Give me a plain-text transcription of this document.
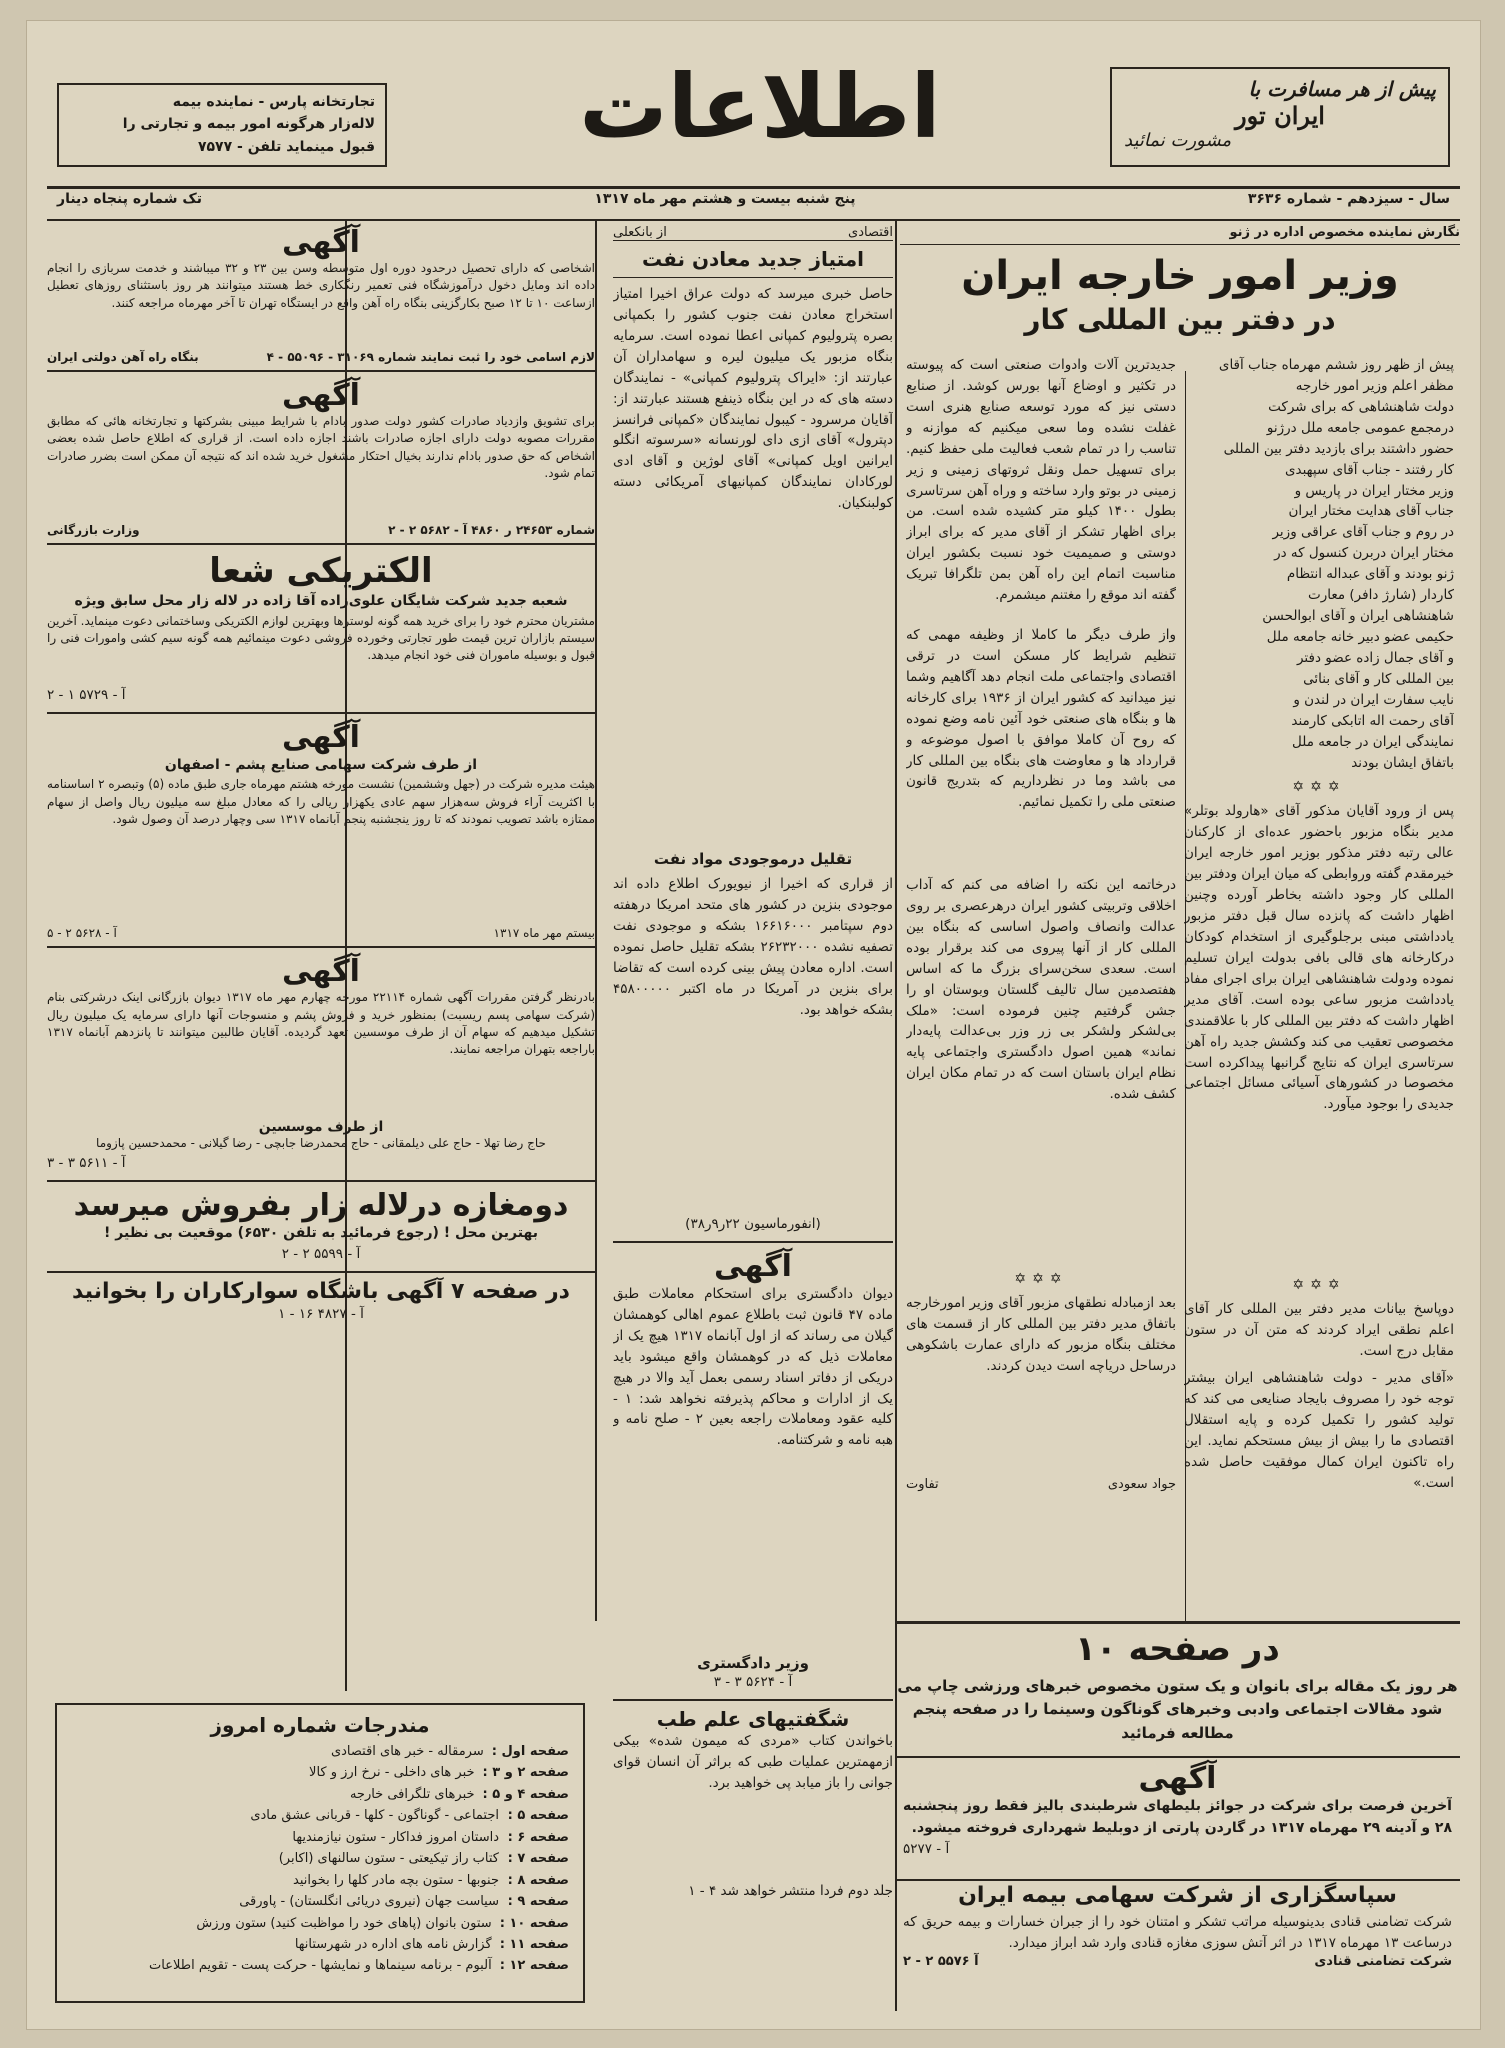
پیش از هر مسافرت با
ایران تور
مشورت نمائید
اطلاعات
تجارتخانه پارس - نماینده بیمه
لاله‌زار هرگونه امور بیمه و تجارتی را
قبول مینماید تلفن - ۷۵۷۷
سال - سیزدهم - شماره ۳۶۳۶
پنج شنبه بیست و هشتم مهر ماه ۱۳۱۷
تک شماره پنجاه دینار
نگارش نماینده مخصوص اداره در ژنو
وزیر امور خارجه ایران
در دفتر بین المللی کار
پیش از ظهر روز ششم مهرماه جناب آقای
مظفر اعلم وزیر امور خارجه
دولت شاهنشاهی که برای شرکت
درمجمع عمومی جامعه ملل درژنو
حضور داشتند برای بازدید دفتر بین المللی
کار رفتند - جناب آقای سپهبدی
وزیر مختار ایران در پاریس و
جناب آقای هدایت مختار ایران
در روم و جناب آقای عراقی وزیر
مختار ایران دربرن کنسول که در
ژنو بودند و آقای عبداله انتظام
کاردار (شارژ دافر) معارت
شاهنشاهی ایران و آقای ابوالحسن
حکیمی عضو دبیر خانه جامعه ملل
و آقای جمال زاده عضو دفتر
بین المللی کار و آقای بنائی
نایب سفارت ایران در لندن و
آقای رحمت اله اتابکی کارمند
نمایندگی ایران در جامعه ملل
باتفاق ایشان بودند
✡✡✡
پس از ورود آقایان مذکور آقای «هارولد بوتلر» مدیر بنگاه مزبور باحضور عده‌ای از کارکنان عالی رتبه دفتر مذکور بوزیر امور خارجه ایران خیرمقدم گفته وروابطی که میان ایران ودفتر بین المللی کار وجود داشته بخاطر آورده وچنین اظهار داشت که پانزده سال قبل دفتر مزبور یادداشتی مبنی برجلوگیری از استخدام کودکان درکارخانه های قالی بافی بدولت ایران تسلیم نموده ودولت شاهنشاهی ایران برای اجرای مفاد یادداشت مزبور ساعی بوده است. آقای مدیر اظهار داشت که دفتر بین المللی کار با علاقمندی مخصوصی تعقیب می کند وکشش جدید راه آهن سرتاسری ایران که نتایج گرانبها پیداکرده است مخصوصا در کشورهای آسیائی مسائل اجتماعی جدیدی را بوجود میآورد.
✡✡✡
دوپاسخ بیانات مدیر دفتر بین المللی کار آقای اعلم نطقی ایراد کردند که متن آن در ستون مقابل درج است.
«آقای مدیر - دولت شاهنشاهی ایران بیشتر توجه خود را مصروف بایجاد صنایعی می کند که تولید کشور را تکمیل کرده و پایه استقلال اقتصادی ما را بیش از بیش مستحکم نماید. این راه تاکنون ایران کمال موفقیت حاصل شده است.»
جدیدترین آلات وادوات صنعتی است که پیوسته در تکثیر و اوضاع آنها بورس کوشد. از صنایع دستی نیز که مورد توسعه صنایع هنری است غفلت نشده وما سعی میکنیم که موازنه و تناسب را در تمام شعب فعالیت ملی حفظ کنیم. برای تسهیل حمل ونقل ثروتهای زمینی و زیر زمینی در بوتو وارد ساخته و وراه آهن سرتاسری بطول ۱۴۰۰ کیلو متر کشیده شده است. من برای اظهار تشکر از آقای مدیر که برای ابراز دوستی و صمیمیت خود نسبت بکشور ایران مناسبت اتمام این راه آهن بمن تلگرافا تبریک گفته اند موقع را مغتنم میشمرم.
واز طرف دیگر ما کاملا از وظیفه مهمی که تنظیم شرایط کار مسکن است در ترقی اقتصادی واجتماعی ملت انجام دهد آگاهیم وشما نیز میدانید که کشور ایران از ۱۹۳۶ برای کارخانه ها و بنگاه های صنعتی خود آئین نامه وضع نموده که روح آن کاملا موافق با اصول موضوعه و قرارداد ها و معاوضت های بنگاه بین المللی کار می باشد وما در نظرداریم که بتدریج قانون صنعتی ملی را تکمیل نمائیم.
درخاتمه این نکته را اضافه می کنم که آداب اخلاقی وتربیتی کشور ایران درهرعصری بر روی عدالت وانصاف واصول اساسی که بنگاه بین المللی کار از آنها پیروی می کند برقرار بوده است. سعدی سخن‌سرای بزرگ ما که اساس هفتصدمین سال تالیف گلستان وبوستان او را جشن گرفتیم چنین فرموده است: «ملک بی‌لشکر ولشکر بی زر وزر بی‌عدالت پایه‌دار نماند» همین اصول دادگستری واجتماعی پایه نظام ایران باستان است که در تمام مکان ایران کشف شده.
✡✡✡
بعد ازمبادله نطقهای مزبور آقای وزیر امورخارجه باتفاق مدیر دفتر بین المللی کار از قسمت های مختلف بنگاه مزبور که دارای عمارت باشکوهی درساحل دریاچه است دیدن کردند.
جواد سعودی
تفاوت
در صفحه ۱۰
هر روز یک مقاله برای بانوان و یک ستون مخصوص خبرهای ورزشی چاپ می شود مقالات اجتماعی وادبی وخبرهای گوناگون وسینما را در صفحه پنجم مطالعه فرمائید
آگهی
آخرین فرصت برای شرکت در جوائز بلیطهای شرطبندی بالیز فقط روز پنجشنبه ۲۸ و آدینه ۲۹ مهرماه ۱۳۱۷ در گاردن پارتی از دوبلیط شهرداری فروخته میشود.
آ - ۵۲۷۷
سپاسگزاری از شرکت سهامی بیمه ایران
شرکت تضامنی قنادی بدینوسیله مراتب تشکر و امتنان خود را از جبران خسارات و بیمه حریق که درساعت ۱۳ مهرماه ۱۳۱۷ در اثر آتش سوزی مغازه قنادی وارد شد ابراز میدارد.
شرکت تضامنی قنادی
آ ۵۵۷۶ ۲ - ۲
اقتصادی
از بانکعلی
امتیاز جدید معادن نفت
حاصل خبری میرسد که دولت عراق اخیرا امتیاز استخراج معادن نفت جنوب کشور را بکمپانی بصره پترولیوم کمپانی اعطا نموده است. سرمایه بنگاه مزبور یک میلیون لیره و سهامداران آن عبارتند از: «ایراک پترولیوم کمپانی» - نمایندگان دسته های که در این بنگاه ذینفع هستند عبارتند از: آقایان مرسرود - کیبول نمایندگان «کمپانی فرانسز دپترول» آقای ازی دای لورنسانه «سرسوته انگلو ایرانین اویل کمپانی» آقای لوژین و آقای ادی لورکادان نمایندگان کمپانیهای آمریکائی دسته کولبنکیان.
تقلیل درموجودی مواد نفت
از قراری که اخیرا از نیویورک اطلاع داده اند موجودی بنزین در کشور های متحد امریکا درهفته دوم سپتامبر ۱۶۶۱۶۰۰۰ بشکه و موجودی نفت تصفیه نشده ۲۶۲۳۲۰۰۰ بشکه تقلیل حاصل نموده است. اداره معادن پیش بینی کرده است که تقاضا برای بنزین در آمریکا در ماه اکتبر ۴۵۸۰۰۰۰۰ بشکه خواهد بود.
(انفورماسیون ۲۲ر۹ر۳۸)
آگهی
دیوان دادگستری برای استحکام معاملات طبق ماده ۴۷ قانون ثبت باطلاع عموم اهالی کوهمشان گیلان می رساند که از اول آبانماه ۱۳۱۷ هیچ یک از معاملات ذیل که در کوهمشان واقع میشود باید دریکی از دفاتر اسناد رسمی بعمل آید والا در هیچ یک از ادارات و محاکم پذیرفته نخواهد شد: ۱ - کلیه عقود ومعاملات راجعه بعین ۲ - صلح نامه و هبه نامه و شرکتنامه.
وزیر دادگستری
آ - ۵۶۲۴ ۳ - ۳
شگفتیهای علم طب
باخواندن کتاب «مردی که میمون شده» بیکی ازمهمترین عملیات طبی که براثر آن انسان قوای جوانی را باز میابد پی خواهید برد.
جلد دوم فردا منتشر خواهد شد ۴ - ۱
آگهی
اشخاصی که دارای تحصیل درحدود دوره اول متوسطه وسن بین ۲۳ و ۳۲ میباشند و خدمت سربازی را انجام داده اند ومایل دخول درآموزشگاه فنی تعمیر رنگکاری خط هستند میتوانند هر روز باستثنای روزهای تعطیل ازساعت ۱۰ تا ۱۲ صبح بکارگزینی بنگاه راه آهن واقع در ایستگاه تهران تا آخر مهرماه مراجعه کنند.
لازم اسامی خود را ثبت نمایند شماره ۳۱۰۶۹ - ۵۵۰۹۶ - ۴
بنگاه راه آهن دولتی ایران
آگهی
برای تشویق وازدیاد صادرات کشور دولت صدور بادام با شرایط مبینی بشرکتها و تجارتخانه هائی که مطابق مقررات مصوبه دولت دارای اجازه صادرات باشند اجازه داده است. از قراری که اطلاع حاصل شده بعضی اشخاص که حق صدور بادام ندارند بخیال احتکار مشغول خرید شده اند که نتیجه آن ممکن است بضرر صادرات تمام شود.
شماره ۲۴۶۵۳ ر ۴۸۶۰ آ - ۵۶۸۲ ۲ - ۲
وزارت بازرگانی
الکتریکی شعا
شعبه جدید شرکت شایگان علوی‌زاده آقا زاده در لاله زار محل سابق ویژه
مشتریان محترم خود را برای خرید همه گونه لوسترها وبهترین لوازم الکتریکی وساختمانی دعوت مینماید. آخرین سیستم بازاران ترین قیمت طور تجارتی وخورده فروشی دعوت مینمائیم همه گونه سیم کشی وامورات فنی را قبول و بوسیله ماموران فنی خود انجام میدهد.
آ - ۵۷۲۹ ۱ - ۲
آگهی
از طرف شرکت سهامی صنایع پشم - اصفهان
هیئت مدیره شرکت در (جهل وششمین) نشست مورخه هشتم مهرماه جاری طبق ماده (۵) وتبصره ۲ اساسنامه با اکثریت آراء فروش سه‌هزار سهم عادی یکهزار ریالی را که معادل مبلغ سه میلیون ریال واصل از سهام ممتازه باشد تصویب نمودند که تا روز ینجشنبه پنجم آبانماه ۱۳۱۷ سی وچهار درصد آن وصول شود.
بیستم مهر ماه ۱۳۱۷
آ - ۵۶۲۸ ۲ - ۵
آگهی
بادرنظر گرفتن مقررات آگهی شماره ۲۲۱۱۴ مورخه چهارم مهر ماه ۱۳۱۷ دیوان بازرگانی اینک درشرکتی بنام (شرکت سهامی پسم ریسبت) بمنظور خرید و فروش پشم و منسوجات آنها دارای سرمایه یک میلیون ریال تشکیل میدهیم که سهام آن از طرف موسسین تعهد گردیده. آقایان طالبین میتوانند تا پانزدهم آبانماه ۱۳۱۷ باراجعه بتهران مراجعه نمایند.
از طرف موسسین
حاج رضا تهلا - حاج علی دیلمقانی - حاج محمدرضا جابچی - رضا گیلانی - محمدحسین پازوما
آ - ۵۶۱۱ ۳ - ۳
دومغازه درلاله زار بفروش میرسد
بهترین محل ! (رجوع فرمائید به تلفن ۶۵۳۰) موقعیت بی نظیر !
آ - ۵۵۹۹ ۲ - ۲
در صفحه ۷ آگهی باشگاه سوارکاران را بخوانید
آ - ۴۸۲۷ ۱۶ - ۱
مندرجات شماره امروز
صفحه اول :
سرمقاله - خبر های اقتصادی
صفحه ۲ و ۳ :
خبر های داخلی - نرخ ارز و کالا
صفحه ۴ و ۵ :
خبرهای تلگرافی خارجه
صفحه ۵ :
اجتماعی - گوناگون - کلها - قربانی عشق مادی
صفحه ۶ :
داستان امروز فداکار - ستون نیازمندیها
صفحه ۷ :
کتاب راز تیکیعتی - ستون سالنهای (اکابر)
صفحه ۸ :
جنوبها - ستون بچه مادر کلها را بخوانید
صفحه ۹ :
سیاست جهان (نیروی دریائی انگلستان) - پاورقی
صفحه ۱۰ :
ستون بانوان (پاهای خود را مواظبت کنید) ستون ورزش
صفحه ۱۱ :
گزارش نامه های اداره در شهرستانها
صفحه ۱۲ :
آلبوم - برنامه سینماها و نمایشها - حرکت پست - تقویم اطلاعات
